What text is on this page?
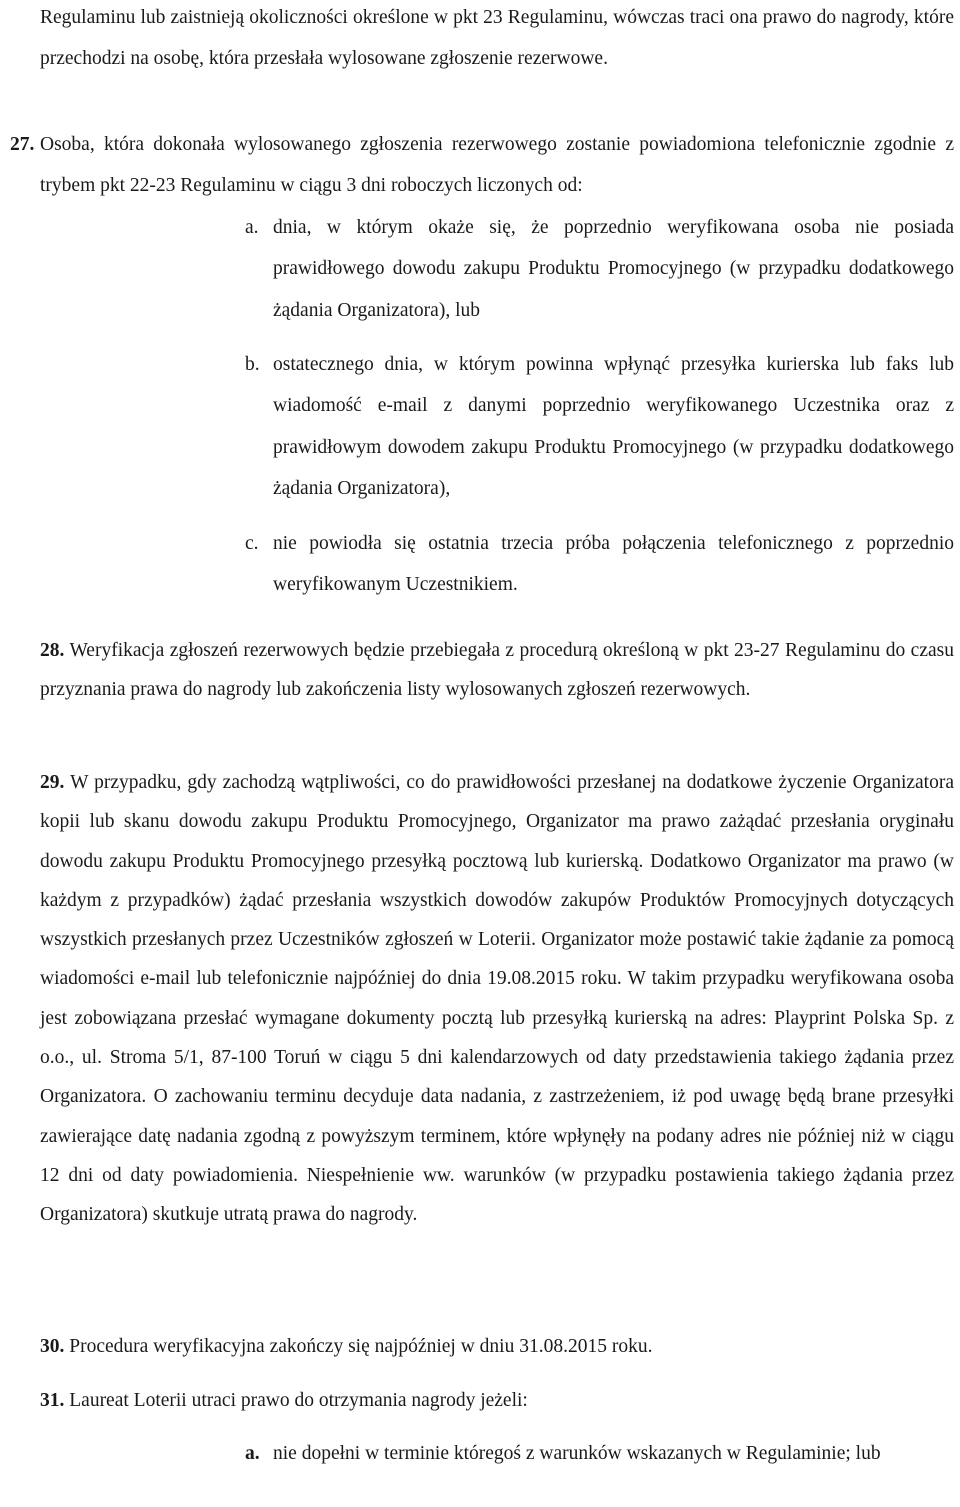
Regulaminu lub zaistnieją okoliczności określone w pkt 23 Regulaminu, wówczas traci ona prawo do nagrody, które przechodzi na osobę, która przesłała wylosowane zgłoszenie rezerwowe.

27. Osoba, która dokonała wylosowanego zgłoszenia rezerwowego zostanie powiadomiona telefonicznie zgodnie z trybem pkt 22-23 Regulaminu w ciągu 3 dni roboczych liczonych od:
a. dnia, w którym okaże się, że poprzednio weryfikowana osoba nie posiada prawidłowego dowodu zakupu Produktu Promocyjnego (w przypadku dodatkowego żądania Organizatora), lub
b. ostatecznego dnia, w którym powinna wpłynąć przesyłka kurierska lub faks lub wiadomość e-mail z danymi poprzednio weryfikowanego Uczestnika oraz z prawidłowym dowodem zakupu Produktu Promocyjnego (w przypadku dodatkowego żądania Organizatora),
c. nie powiodła się ostatnia trzecia próba połączenia telefonicznego z poprzednio weryfikowanym Uczestnikiem.
28. Weryfikacja zgłoszeń rezerwowych będzie przebiegała z procedurą określoną w pkt 23-27 Regulaminu do czasu przyznania prawa do nagrody lub zakończenia listy wylosowanych zgłoszeń rezerwowych.
29. W przypadku, gdy zachodzą wątpliwości, co do prawidłowości przesłanej na dodatkowe życzenie Organizatora kopii lub skanu dowodu zakupu Produktu Promocyjnego, Organizator ma prawo zażądać przesłania oryginału dowodu zakupu Produktu Promocyjnego przesyłką pocztową lub kurierską. Dodatkowo Organizator ma prawo (w każdym z przypadków) żądać przesłania wszystkich dowodów zakupów Produktów Promocyjnych dotyczących wszystkich przesłanych przez Uczestników zgłoszeń w Loterii. Organizator może postawić takie żądanie za pomocą wiadomości e-mail lub telefonicznie najpóźniej do dnia 19.08.2015 roku. W takim przypadku weryfikowana osoba jest zobowiązana przesłać wymagane dokumenty pocztą lub przesyłką kurierską na adres: Playprint Polska Sp. z o.o., ul. Stroma 5/1, 87-100 Toruń w ciągu 5 dni kalendarzowych od daty przedstawienia takiego żądania przez Organizatora. O zachowaniu terminu decyduje data nadania, z zastrzeżeniem, iż pod uwagę będą brane przesyłki zawierające datę nadania zgodną z powyższym terminem, które wpłynęły na podany adres nie później niż w ciągu 12 dni od daty powiadomienia. Niespełnienie ww. warunków (w przypadku postawienia takiego żądania przez Organizatora) skutkuje utratą prawa do nagrody.
30. Procedura weryfikacyjna zakończy się najpóźniej w dniu 31.08.2015 roku.
31. Laureat Loterii utraci prawo do otrzymania nagrody jeżeli:
a. nie dopełni w terminie któregoś z warunków wskazanych w Regulaminie; lub
